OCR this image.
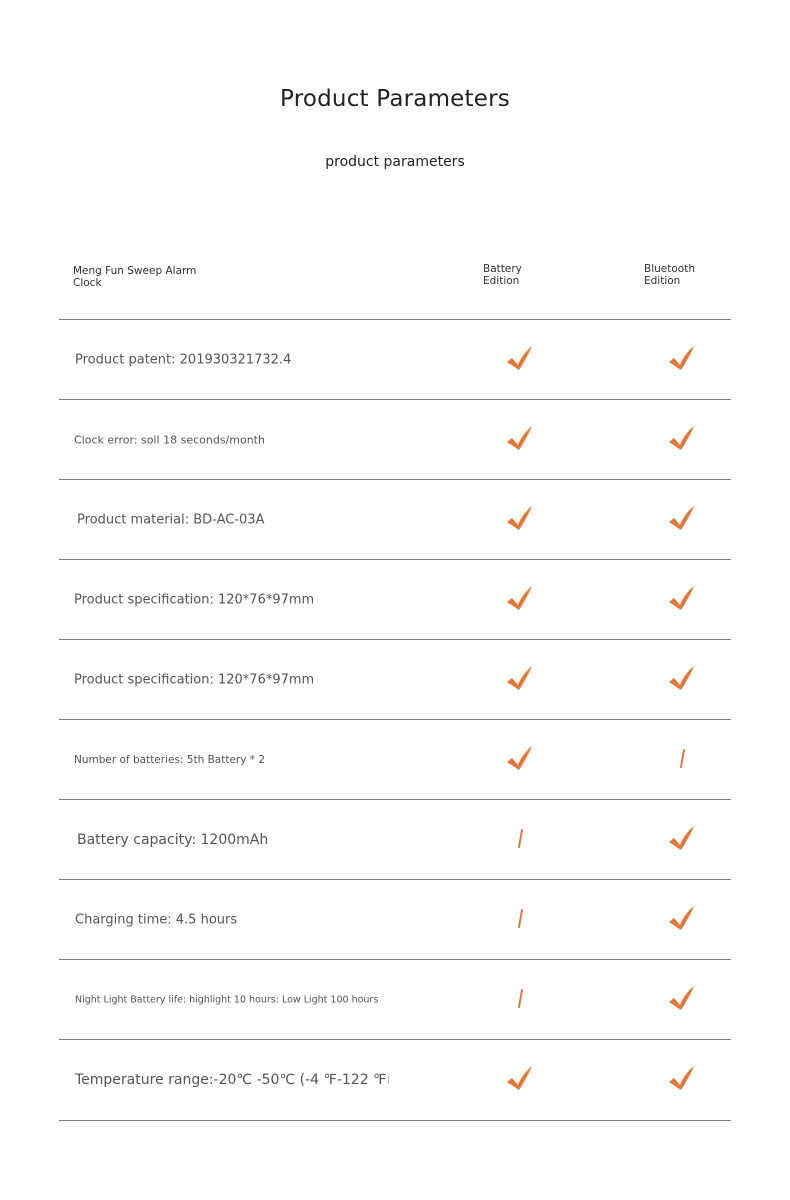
Product Parameters
product parameters
Meng Fun Sweep Alarm Clock
Battery Edition
Bluetooth Edition
Product patent: 201930321732.4
Clock error: soil 18 seconds/month
Product material: BD-AC-03A
Product specification: 120*76*97mm
Product specification: 120*76*97mm
Number of batteries: 5th Battery * 2
Battery capacity: 1200mAh
Charging time: 4.5 hours
Night Light Battery life: highlight 10 hours: Low Light 100 hours
Temperature range:-20℃ -50℃ (-4 ℉-122 ℉
